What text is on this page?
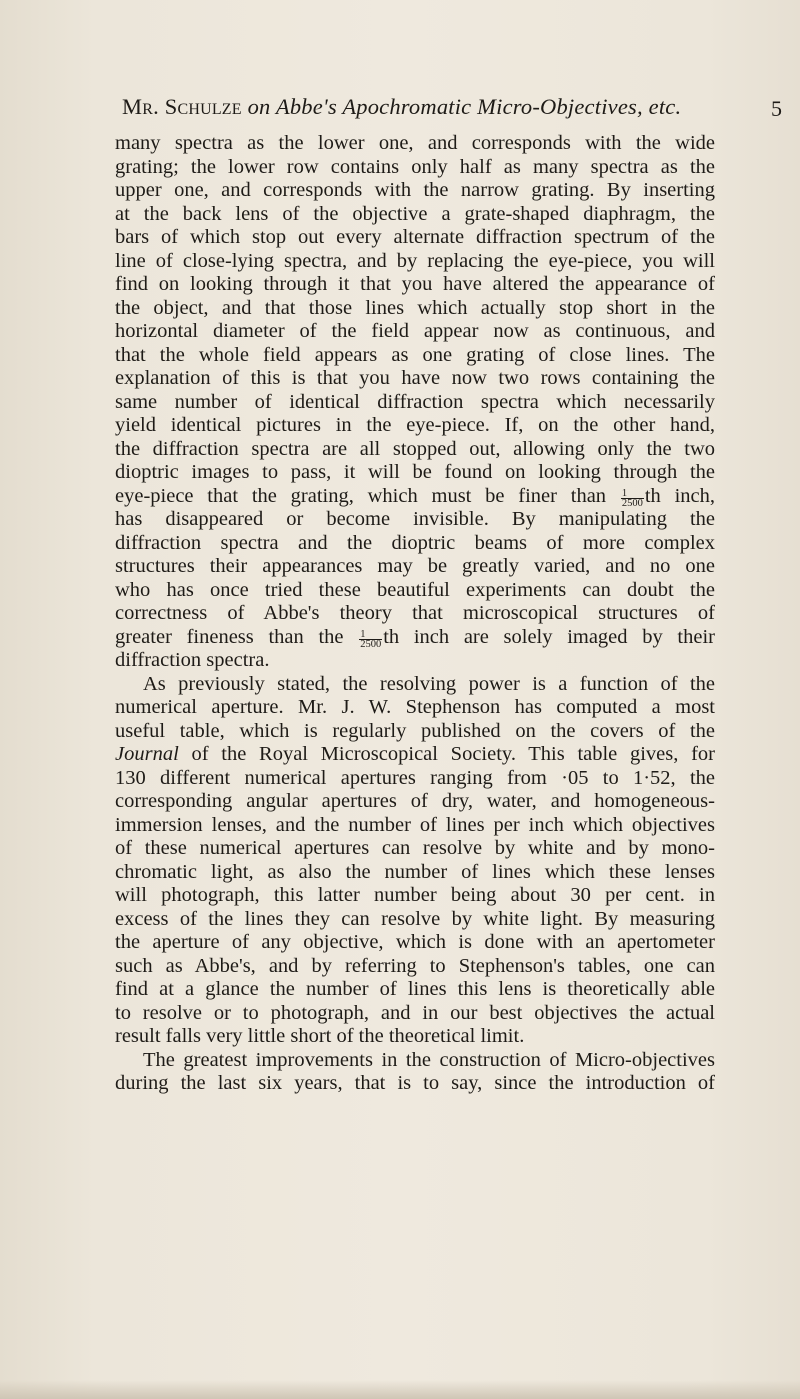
Mr. Schulze on Abbe's Apochromatic Micro-Objectives, etc.	5
many spectra as the lower one, and corresponds with the wide
grating; the lower row contains only half as many spectra as the
upper one, and corresponds with the narrow grating. By inserting
at the back lens of the objective a grate-shaped diaphragm, the
bars of which stop out every alternate diffraction spectrum of the
line of close-lying spectra, and by replacing the eye-piece, you will
find on looking through it that you have altered the appearance of
the object, and that those lines which actually stop short in the
horizontal diameter of the field appear now as continuous, and
that the whole field appears as one grating of close lines. The
explanation of this is that you have now two rows containing the
same number of identical diffraction spectra which necessarily
yield identical pictures in the eye-piece. If, on the other hand,
the diffraction spectra are all stopped out, allowing only the two
dioptric images to pass, it will be found on looking through the
eye-piece that the grating, which must be finer than $\frac{1}{2500}$ th inch,
has disappeared or become invisible. By manipulating the
diffraction spectra and the dioptric beams of more complex
structures their appearances may be greatly varied, and no one
who has once tried these beautiful experiments can doubt the
correctness of Abbe's theory that microscopical structures of
greater fineness than the $\frac{1}{2500}$ th inch are solely imaged by their
diffraction spectra.
As previously stated, the resolving power is a function of the
numerical aperture. Mr. J. W. Stephenson has computed a most
useful table, which is regularly published on the covers of the
Journal of the Royal Microscopical Society. This table gives, for
130 different numerical apertures ranging from ·05 to 1·52, the
corresponding angular apertures of dry, water, and homogeneous-
immersion lenses, and the number of lines per inch which objectives
of these numerical apertures can resolve by white and by mono-
chromatic light, as also the number of lines which these lenses
will photograph, this latter number being about 30 per cent. in
excess of the lines they can resolve by white light. By measuring
the aperture of any objective, which is done with an apertometer
such as Abbe's, and by referring to Stephenson's tables, one can
find at a glance the number of lines this lens is theoretically able
to resolve or to photograph, and in our best objectives the actual
result falls very little short of the theoretical limit.
The greatest improvements in the construction of Micro-objectives
during the last six years, that is to say, since the introduction of
